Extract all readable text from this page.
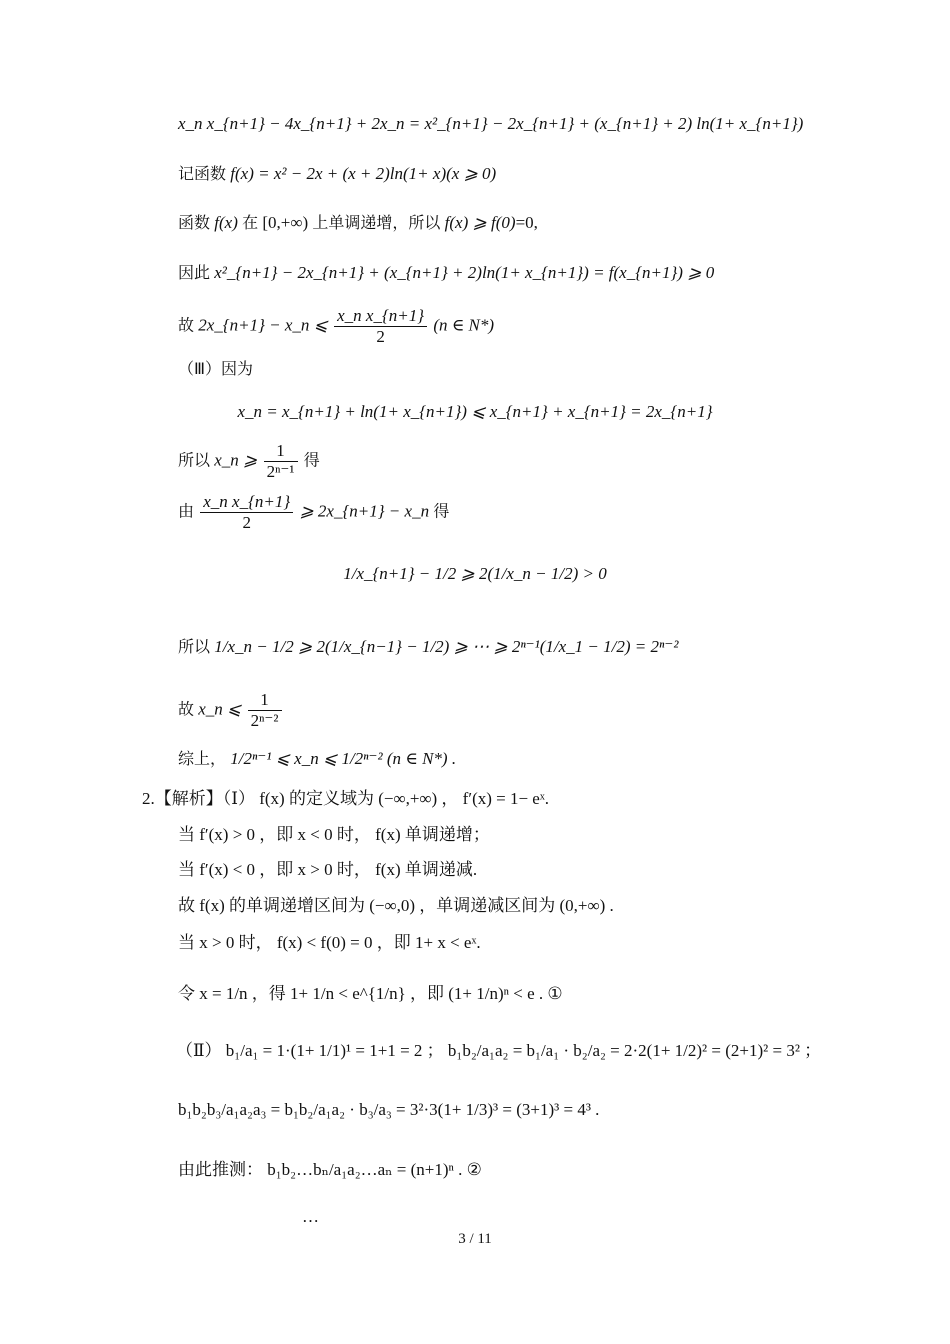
x_n x_{n+1} − 4x_{n+1} + 2x_n = x²_{n+1} − 2x_{n+1} + (x_{n+1} + 2) ln(1+ x_{n+1})
记函数 f(x) = x² − 2x + (x + 2)ln(1+ x)(x ⩾ 0)
函数 f(x) 在 [0,+∞) 上单调递增，所以 f(x) ⩾ f(0)=0,
因此 x²_{n+1} − 2x_{n+1} + (x_{n+1} + 2)ln(1+ x_{n+1}) = f(x_{n+1}) ⩾ 0
故 2x_{n+1} − x_n ⩽ $\frac{\text{x\_n x\_\{n+1\}}}{2} (n$ ∈ N*)
（Ⅲ）因为
x_n = x_{n+1} + ln(1+ x_{n+1}) ⩽ x_{n+1} + x_{n+1} = 2x_{n+1}
所以 x_n ⩾ $\frac{1}{\text{2ⁿ⁻¹}}$ 得
由 $\frac{\text{x\_n x\_\{n+1\}}}{2}$ ⩾ 2x_{n+1} − x_n 得
1/x_{n+1} − 1/2 ⩾ 2(1/x_n − 1/2) > 0
所以 1/x_n − 1/2 ⩾ 2(1/x_{n−1} − 1/2) ⩾ ⋯ ⩾ 2ⁿ⁻¹(1/x_1 − 1/2) = 2ⁿ⁻²
故 x_n ⩽ $\frac{1}{\text{2ⁿ⁻²}}$
综上， 1/2ⁿ⁻¹ ⩽ x_n ⩽ 1/2ⁿ⁻² (n ∈ N*) .
2.【解析】（Ⅰ） f(x) 的定义域为 (−∞,+∞) ， f′(x) = 1− eˣ.
当 f′(x) > 0 ，即 x < 0 时， f(x) 单调递增；
当 f′(x) < 0 ，即 x > 0 时， f(x) 单调递减.
故 f(x) 的单调递增区间为 (−∞,0) ，单调递减区间为 (0,+∞) .
当 x > 0 时， f(x) < f(0) = 0 ，即 1+ x < eˣ.
令 x = 1/n ，得 1+ 1/n < e^{1/n} ，即 (1+ 1/n)ⁿ < e . ①
（Ⅱ） b₁/a₁ = 1·(1+ 1/1)¹ = 1+1 = 2 ； b₁b₂/a₁a₂ = b₁/a₁ · b₂/a₂ = 2·2(1+ 1/2)² = (2+1)² = 3² ；
b₁b₂b₃/a₁a₂a₃ = b₁b₂/a₁a₂ · b₃/a₃ = 3²·3(1+ 1/3)³ = (3+1)³ = 4³ .
由此推测： b₁b₂…bₙ/a₁a₂…aₙ = (n+1)ⁿ . ②
…
3 / 11
